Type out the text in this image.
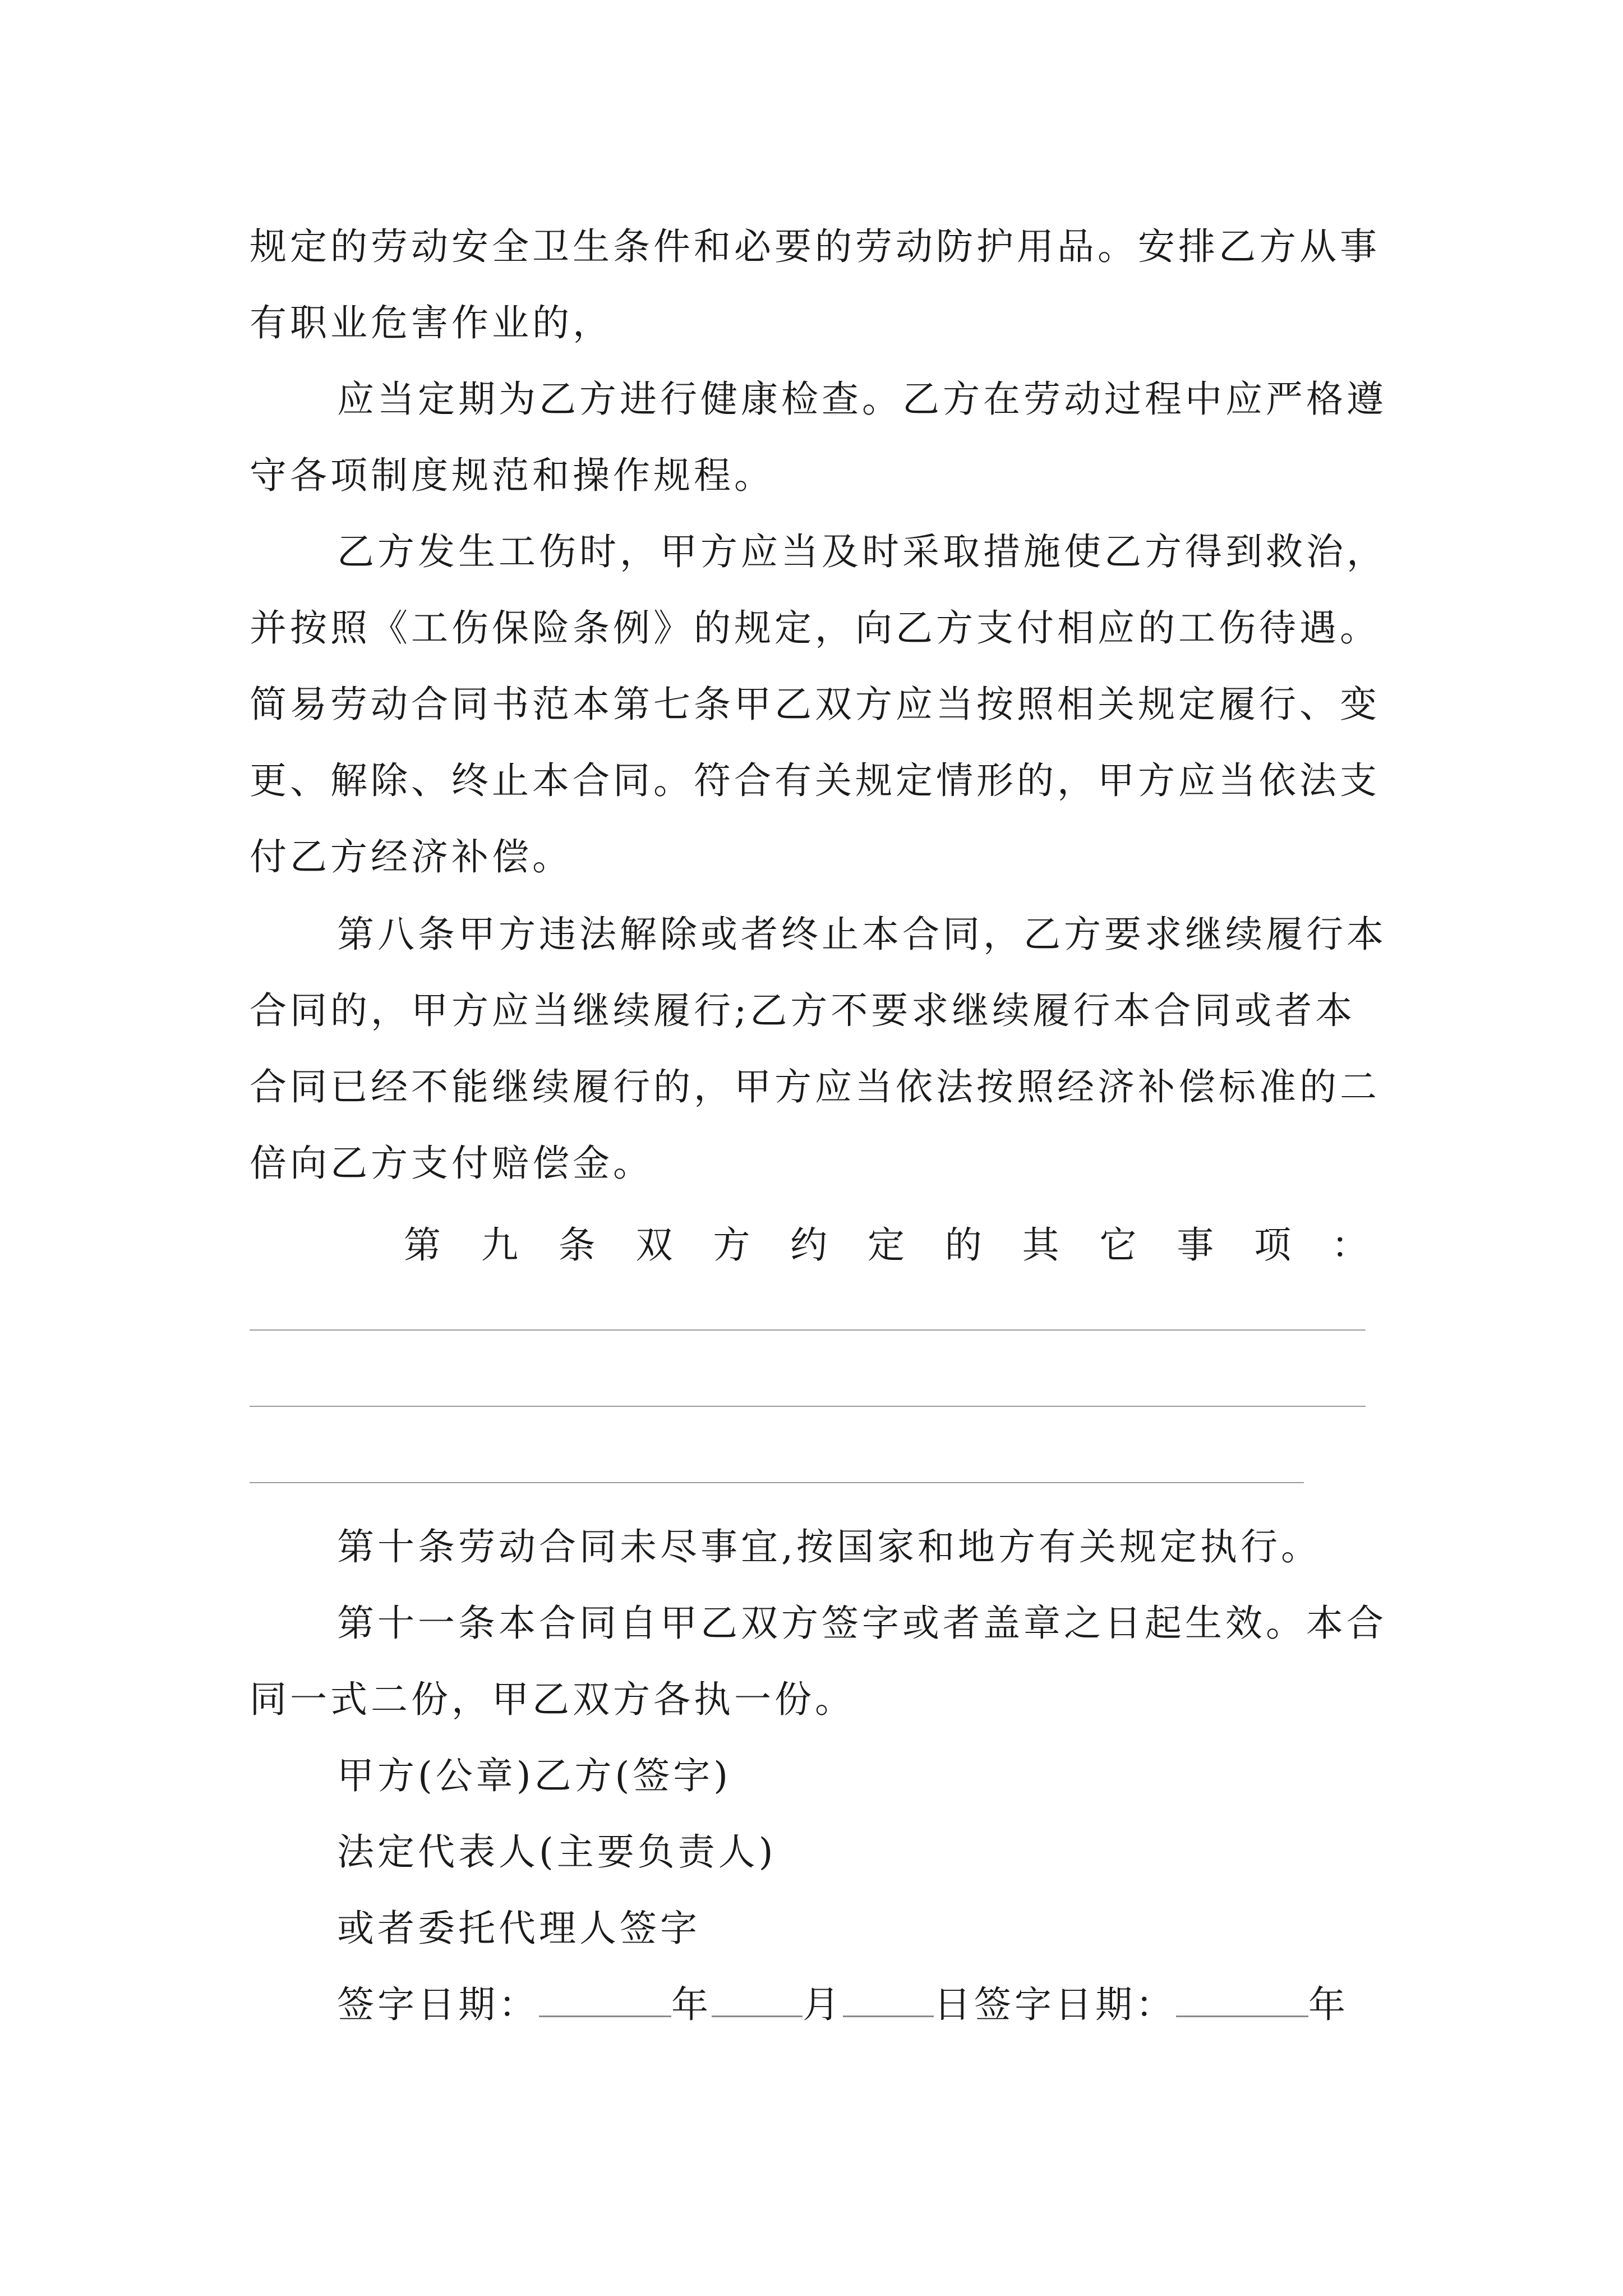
规定的劳动安全卫生条件和必要的劳动防护用品。安排乙方从事有职业危害作业的，

应当定期为乙方进行健康检查。乙方在劳动过程中应严格遵守各项制度规范和操作规程。

乙方发生工伤时，甲方应当及时采取措施使乙方得到救治，并按照《工伤保险条例》的规定，向乙方支付相应的工伤待遇。简易劳动合同书范本第七条甲乙双方应当按照相关规定履行、变更、解除、终止本合同。符合有关规定情形的，甲方应当依法支付乙方经济补偿。

第八条甲方违法解除或者终止本合同，乙方要求继续履行本合同的，甲方应当继续履行;乙方不要求继续履行本合同或者本合同已经不能继续履行的，甲方应当依法按照经济补偿标准的二倍向乙方支付赔偿金。

第 九 条 双 方 约 定 的 其 它 事 项 ：

第十条劳动合同未尽事宜,按国家和地方有关规定执行。

第十一条本合同自甲乙双方签字或者盖章之日起生效。本合同一式二份，甲乙双方各执一份。

甲方(公章)乙方(签字)

法定代表人(主要负责人)

或者委托代理人签字

签字日期：	年 月 日签字日期：	年
